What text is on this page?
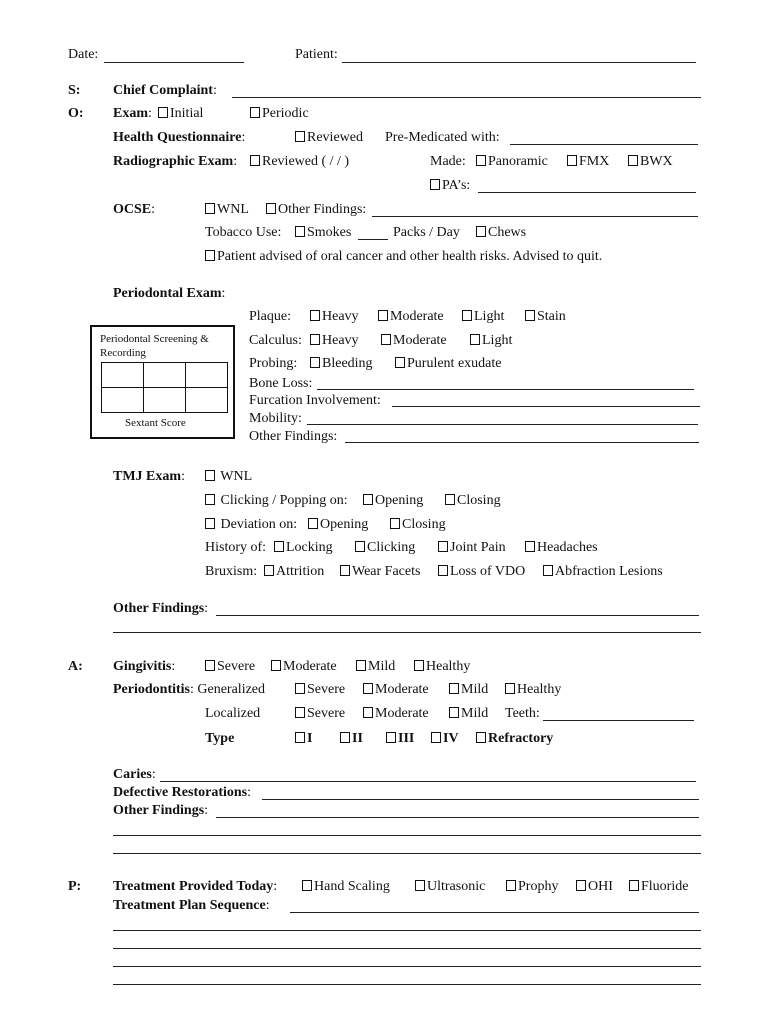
Date:	Patient:
S: Chief Complaint:
O: Exam:	Initial	Periodic
Health Questionnaire:	Reviewed Pre-Medicated with:
Radiographic Exam:	Reviewed ( / / )	Made:	Panoramic	FMX	BWX
PA’s:
OCSE:	WNL	Other Findings:
Tobacco Use:	Smokes	Packs / Day	Chews
Patient advised of oral cancer and other health risks. Advised to quit.
Periodontal Exam:
Periodontal Screening & Recording
Sextant Score
Plaque:	Heavy	Moderate	Light	Stain
Calculus:	Heavy	Moderate	Light
Probing:	Bleeding	Purulent exudate
Bone Loss:
Furcation Involvement:
Mobility:
Other Findings:
TMJ Exam:	WNL
Clicking / Popping on:	Opening	Closing
Deviation on:	Opening	Closing
History of:	Locking	Clicking	Joint Pain	Headaches
Bruxism:	Attrition	Wear Facets	Loss of VDO	Abfraction Lesions
Other Findings:
A: Gingivitis:	Severe	Moderate	Mild	Healthy
Periodontitis: Generalized	Severe	Moderate	Mild	Healthy
Localized	Severe	Moderate	Mild Teeth:
Type	I	II	III	IV	Refractory
Caries:
Defective Restorations:
Other Findings:
P: Treatment Provided Today:	Hand Scaling	Ultrasonic	Prophy	OHI	Fluoride
Treatment Plan Sequence:
